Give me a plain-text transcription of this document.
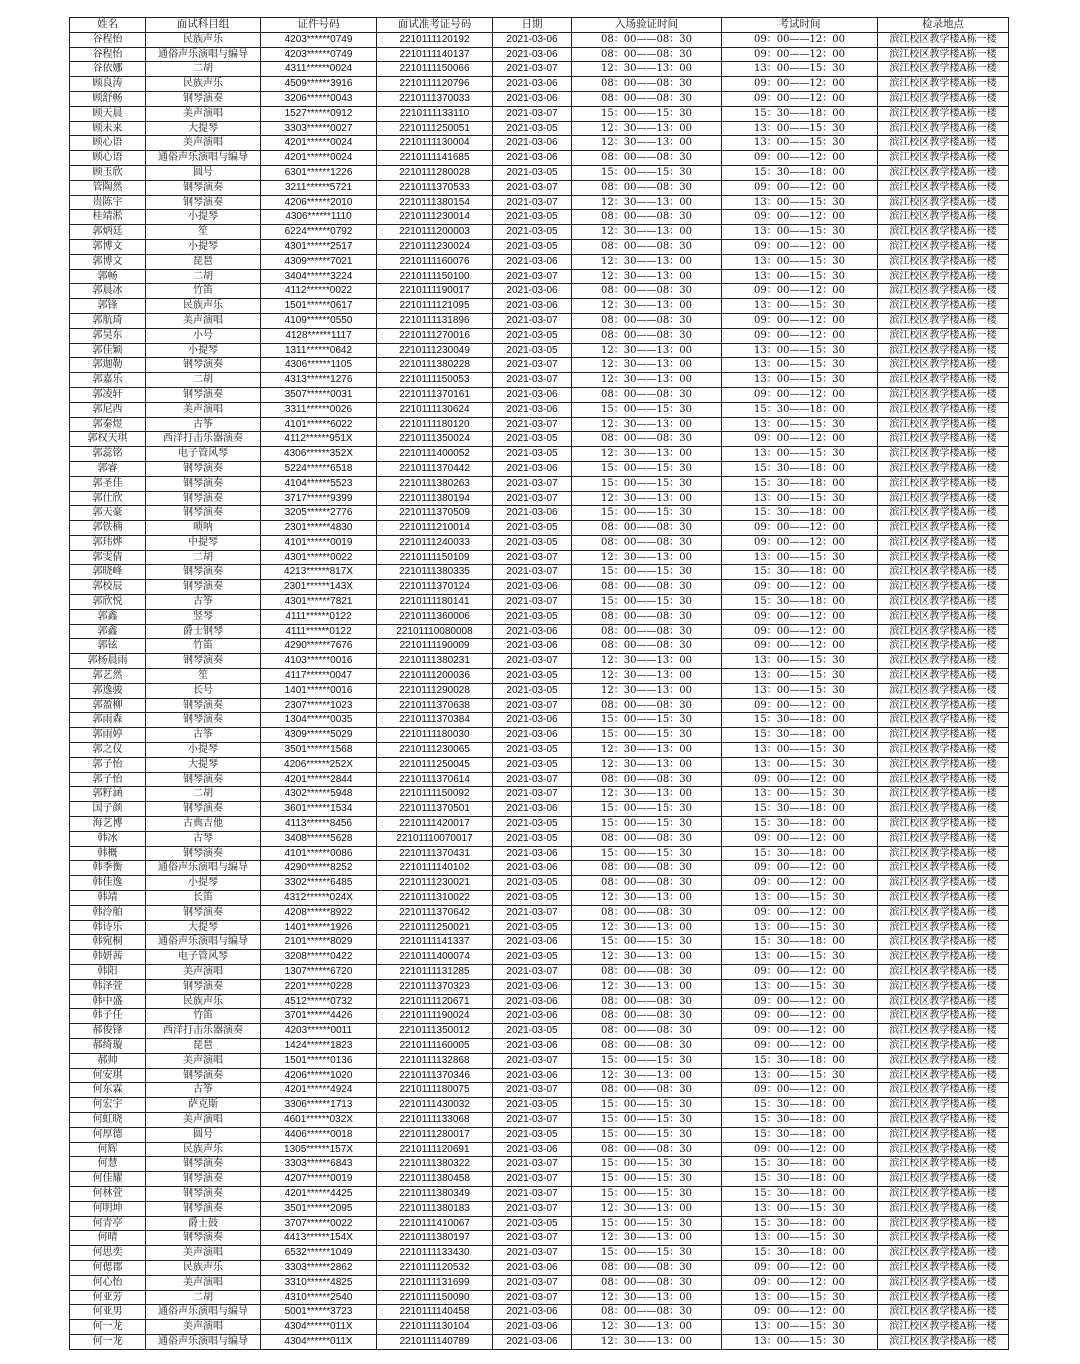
姓名	面试科目组	证件号码	面试准考证号码	日期	入场验证时间	考试时间	检录地点
谷程怡	民族声乐	4203******0749	2210111120192	2021-03-06	08：00——08：30	09：00——12：00	滨江校区教学楼A栋一楼
谷程怡	通俗声乐演唱与编导	4203******0749	2210111140137	2021-03-06	08：00——08：30	09：00——12：00	滨江校区教学楼A栋一楼
谷依娜	二胡	4311******0024	2210111150066	2021-03-07	12：30——13：00	13：00——15：30	滨江校区教学楼A栋一楼
顾良涛	民族声乐	4509******3916	2210111120796	2021-03-06	08：00——08：30	09：00——12：00	滨江校区教学楼A栋一楼
顾舒畅	钢琴演奏	3206******0043	2210111370033	2021-03-06	08：00——08：30	09：00——12：00	滨江校区教学楼A栋一楼
顾天晨	美声演唱	1527******0912	2210111133110	2021-03-07	15：00——15：30	15：30——18：00	滨江校区教学楼A栋一楼
顾未来	大提琴	3303******0027	2210111250051	2021-03-05	12：30——13：00	13：00——15：30	滨江校区教学楼A栋一楼
顾心语	美声演唱	4201******0024	2210111130004	2021-03-06	12：30——13：00	13：00——15：30	滨江校区教学楼A栋一楼
顾心语	通俗声乐演唱与编导	4201******0024	2210111141685	2021-03-06	08：00——08：30	09：00——12：00	滨江校区教学楼A栋一楼
顾玉欣	圆号	6301******1226	2210111280028	2021-03-05	15：00——15：30	15：30——18：00	滨江校区教学楼A栋一楼
管陶然	钢琴演奏	3211******5721	2210111370533	2021-03-07	08：00——08：30	09：00——12：00	滨江校区教学楼A栋一楼
贵陈宇	钢琴演奏	4206******2010	2210111380154	2021-03-07	12：30——13：00	13：00——15：30	滨江校区教学楼A栋一楼
桂靖淞	小提琴	4306******1110	2210111230014	2021-03-05	08：00——08：30	09：00——12：00	滨江校区教学楼A栋一楼
郭炳廷	笙	6224******0792	2210111200003	2021-03-05	12：30——13：00	13：00——15：30	滨江校区教学楼A栋一楼
郭博文	小提琴	4301******2517	2210111230024	2021-03-05	08：00——08：30	09：00——12：00	滨江校区教学楼A栋一楼
郭博文	琵琶	4309******7021	2210111160076	2021-03-06	12：30——13：00	13：00——15：30	滨江校区教学楼A栋一楼
郭畅	二胡	3404******3224	2210111150100	2021-03-07	12：30——13：00	13：00——15：30	滨江校区教学楼A栋一楼
郭晨冰	竹笛	4112******0022	2210111190017	2021-03-06	08：00——08：30	09：00——12：00	滨江校区教学楼A栋一楼
郭锋	民族声乐	1501******0617	2210111121095	2021-03-06	12：30——13：00	13：00——15：30	滨江校区教学楼A栋一楼
郭航琦	美声演唱	4109******0550	2210111131896	2021-03-07	08：00——08：30	09：00——12：00	滨江校区教学楼A栋一楼
郭昊东	小号	4128******1117	2210111270016	2021-03-05	08：00——08：30	09：00——12：00	滨江校区教学楼A栋一楼
郭佳颖	小提琴	1311******0642	2210111230049	2021-03-05	12：30——13：00	13：00——15：30	滨江校区教学楼A栋一楼
郭迦勒	钢琴演奏	4306******1105	2210111380228	2021-03-07	12：30——13：00	13：00——15：30	滨江校区教学楼A栋一楼
郭嘉乐	二胡	4313******1276	2210111150053	2021-03-07	12：30——13：00	13：00——15：30	滨江校区教学楼A栋一楼
郭凌轩	钢琴演奏	3507******0031	2210111370161	2021-03-06	08：00——08：30	09：00——12：00	滨江校区教学楼A栋一楼
郭尼西	美声演唱	3311******0026	2210111130624	2021-03-06	15：00——15：30	15：30——18：00	滨江校区教学楼A栋一楼
郭秦煜	古筝	4101******6022	2210111180120	2021-03-07	12：30——13：00	13：00——15：30	滨江校区教学楼A栋一楼
郭权天琪	西洋打击乐器演奏	4112******951X	2210111350024	2021-03-05	08：00——08：30	09：00——12：00	滨江校区教学楼A栋一楼
郭蕊铭	电子管风琴	4306******352X	2210111400052	2021-03-05	12：30——13：00	13：00——15：30	滨江校区教学楼A栋一楼
郭睿	钢琴演奏	5224******6518	2210111370442	2021-03-06	15：00——15：30	15：30——18：00	滨江校区教学楼A栋一楼
郭圣佳	钢琴演奏	4104******5523	2210111380263	2021-03-07	15：00——15：30	15：30——18：00	滨江校区教学楼A栋一楼
郭仕欣	钢琴演奏	3717******9399	2210111380194	2021-03-07	12：30——13：00	13：00——15：30	滨江校区教学楼A栋一楼
郭天豪	钢琴演奏	3205******2776	2210111370509	2021-03-06	15：00——15：30	15：30——18：00	滨江校区教学楼A栋一楼
郭铁楠	唢呐	2301******4830	2210111210014	2021-03-05	08：00——08：30	09：00——12：00	滨江校区教学楼A栋一楼
郭玮烨	中提琴	4101******0019	2210111240033	2021-03-05	08：00——08：30	09：00——12：00	滨江校区教学楼A栋一楼
郭雯倩	二胡	4301******0022	2210111150109	2021-03-07	12：30——13：00	13：00——15：30	滨江校区教学楼A栋一楼
郭晓峰	钢琴演奏	4213******817X	2210111380335	2021-03-07	15：00——15：30	15：30——18：00	滨江校区教学楼A栋一楼
郭校辰	钢琴演奏	2301******143X	2210111370124	2021-03-06	08：00——08：30	09：00——12：00	滨江校区教学楼A栋一楼
郭欣悦	古筝	4301******7821	2210111180141	2021-03-07	15：00——15：30	15：30——18：00	滨江校区教学楼A栋一楼
郭鑫	竖琴	4111******0122	2210111360006	2021-03-05	08：00——08：30	09：00——12：00	滨江校区教学楼A栋一楼
郭鑫	爵士钢琴	4111******0122	22101110080008	2021-03-06	08：00——08：30	09：00——12：00	滨江校区教学楼A栋一楼
郭铉	竹笛	4290******7676	2210111190009	2021-03-06	08：00——08：30	09：00——12：00	滨江校区教学楼A栋一楼
郭杨晨雨	钢琴演奏	4103******0016	2210111380231	2021-03-07	12：30——13：00	13：00——15：30	滨江校区教学楼A栋一楼
郭艺然	笙	4117******0047	2210111200036	2021-03-05	12：30——13：00	13：00——15：30	滨江校区教学楼A栋一楼
郭逸骏	长号	1401******0016	2210111290028	2021-03-05	12：30——13：00	13：00——15：30	滨江校区教学楼A栋一楼
郭盈柳	钢琴演奏	2307******1023	2210111370638	2021-03-07	08：00——08：30	09：00——12：00	滨江校区教学楼A栋一楼
郭雨森	钢琴演奏	1304******0035	2210111370384	2021-03-06	15：00——15：30	15：30——18：00	滨江校区教学楼A栋一楼
郭雨婷	古筝	4309******5029	2210111180030	2021-03-06	15：00——15：30	15：30——18：00	滨江校区教学楼A栋一楼
郭之仪	小提琴	3501******1568	2210111230065	2021-03-05	12：30——13：00	13：00——15：30	滨江校区教学楼A栋一楼
郭子怡	大提琴	4206******252X	2210111250045	2021-03-05	12：30——13：00	13：00——15：30	滨江校区教学楼A栋一楼
郭子怡	钢琴演奏	4201******2844	2210111370614	2021-03-07	08：00——08：30	09：00——12：00	滨江校区教学楼A栋一楼
郭籽涵	二胡	4302******5948	2210111150092	2021-03-07	12：30——13：00	13：00——15：30	滨江校区教学楼A栋一楼
国子颜	钢琴演奏	3601******1534	2210111370501	2021-03-06	15：00——15：30	15：30——18：00	滨江校区教学楼A栋一楼
海艺博	古典吉他	4113******8456	2210111420017	2021-03-05	15：00——15：30	15：30——18：00	滨江校区教学楼A栋一楼
韩冰	古琴	3408******5628	22101110070017	2021-03-05	08：00——08：30	09：00——12：00	滨江校区教学楼A栋一楼
韩概	钢琴演奏	4101******0086	2210111370431	2021-03-06	15：00——15：30	15：30——18：00	滨江校区教学楼A栋一楼
韩季衡	通俗声乐演唱与编导	4290******8252	2210111140102	2021-03-06	08：00——08：30	09：00——12：00	滨江校区教学楼A栋一楼
韩佳逸	小提琴	3302******6485	2210111230021	2021-03-05	08：00——08：30	09：00——12：00	滨江校区教学楼A栋一楼
韩靖	长笛	4312******024X	2210111310022	2021-03-05	12：30——13：00	13：00——15：30	滨江校区教学楼A栋一楼
韩泠舶	钢琴演奏	4208******8922	2210111370642	2021-03-07	08：00——08：30	09：00——12：00	滨江校区教学楼A栋一楼
韩诗乐	大提琴	1401******1926	2210111250021	2021-03-05	12：30——13：00	13：00——15：30	滨江校区教学楼A栋一楼
韩宛桐	通俗声乐演唱与编导	2101******8029	2210111141337	2021-03-06	15：00——15：30	15：30——18：00	滨江校区教学楼A栋一楼
韩妍茜	电子管风琴	3208******0422	2210111400074	2021-03-05	12：30——13：00	13：00——15：30	滨江校区教学楼A栋一楼
韩阳	美声演唱	1307******6720	2210111131285	2021-03-07	08：00——08：30	09：00——12：00	滨江校区教学楼A栋一楼
韩泽萱	钢琴演奏	2201******0228	2210111370323	2021-03-06	12：30——13：00	13：00——15：30	滨江校区教学楼A栋一楼
韩中盛	民族声乐	4512******0732	2210111120671	2021-03-06	08：00——08：30	09：00——12：00	滨江校区教学楼A栋一楼
韩子任	竹笛	3701******4426	2210111190024	2021-03-06	08：00——08：30	09：00——12：00	滨江校区教学楼A栋一楼
郝俊锋	西洋打击乐器演奏	4203******0011	2210111350012	2021-03-05	08：00——08：30	09：00——12：00	滨江校区教学楼A栋一楼
郝绮璇	琵琶	1424******1823	2210111160005	2021-03-06	08：00——08：30	09：00——12：00	滨江校区教学楼A栋一楼
郝帅	美声演唱	1501******0136	2210111132868	2021-03-07	15：00——15：30	15：30——18：00	滨江校区教学楼A栋一楼
何安琪	钢琴演奏	4206******1020	2210111370346	2021-03-06	12：30——13：00	13：00——15：30	滨江校区教学楼A栋一楼
何东霖	古筝	4201******4924	2210111180075	2021-03-07	08：00——08：30	09：00——12：00	滨江校区教学楼A栋一楼
何宏宇	萨克斯	3306******1713	2210111430032	2021-03-05	15：00——15：30	15：30——18：00	滨江校区教学楼A栋一楼
何虹晓	美声演唱	4601******032X	2210111133068	2021-03-07	15：00——15：30	15：30——18：00	滨江校区教学楼A栋一楼
何厚德	圆号	4406******0018	2210111280017	2021-03-05	15：00——15：30	15：30——18：00	滨江校区教学楼A栋一楼
何辉	民族声乐	1305******157X	2210111120691	2021-03-06	08：00——08：30	09：00——12：00	滨江校区教学楼A栋一楼
何慧	钢琴演奏	3303******6843	2210111380322	2021-03-07	15：00——15：30	15：30——18：00	滨江校区教学楼A栋一楼
何佳耀	钢琴演奏	4207******0019	2210111380458	2021-03-07	15：00——15：30	15：30——18：00	滨江校区教学楼A栋一楼
何林萱	钢琴演奏	4201******4425	2210111380349	2021-03-07	15：00——15：30	15：30——18：00	滨江校区教学楼A栋一楼
何明坤	钢琴演奏	3501******2095	2210111380183	2021-03-07	12：30——13：00	13：00——15：30	滨江校区教学楼A栋一楼
何青亭	爵士鼓	3707******0022	2210111410067	2021-03-05	15：00——15：30	15：30——18：00	滨江校区教学楼A栋一楼
何晴	钢琴演奏	4413******154X	2210111380197	2021-03-07	12：30——13：00	13：00——15：30	滨江校区教学楼A栋一楼
何思奕	美声演唱	6532******1049	2210111133430	2021-03-07	15：00——15：30	15：30——18：00	滨江校区教学楼A栋一楼
何偲郡	民族声乐	3303******2862	2210111120532	2021-03-06	08：00——08：30	09：00——12：00	滨江校区教学楼A栋一楼
何心怡	美声演唱	3310******4825	2210111131699	2021-03-07	08：00——08：30	09：00——12：00	滨江校区教学楼A栋一楼
何亚芳	二胡	4310******2540	2210111150090	2021-03-07	12：30——13：00	13：00——15：30	滨江校区教学楼A栋一楼
何亚男	通俗声乐演唱与编导	5001******3723	2210111140458	2021-03-06	08：00——08：30	09：00——12：00	滨江校区教学楼A栋一楼
何一龙	美声演唱	4304******011X	2210111130104	2021-03-06	12：30——13：00	13：00——15：30	滨江校区教学楼A栋一楼
何一龙	通俗声乐演唱与编导	4304******011X	2210111140789	2021-03-06	12：30——13：00	13：00——15：30	滨江校区教学楼A栋一楼
